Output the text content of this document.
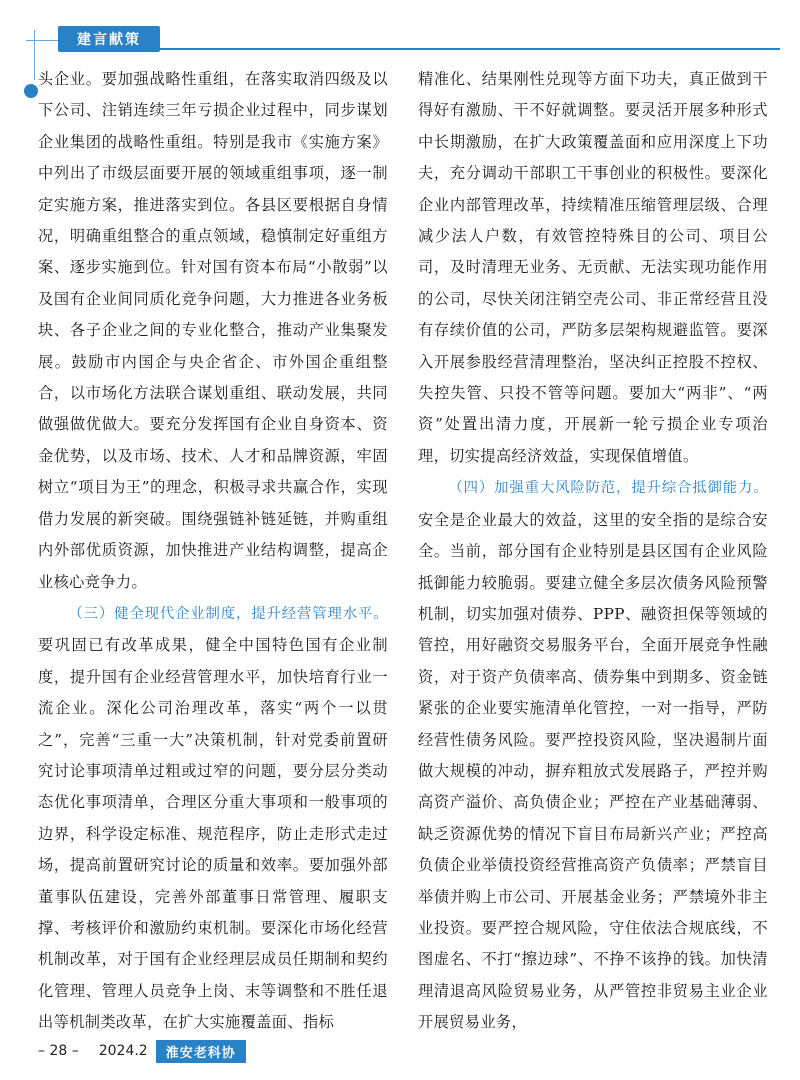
建言献策

头企业。要加强战略性重组，在落实取消四级及以下公司、注销连续三年亏损企业过程中，同步谋划企业集团的战略性重组。特别是我市《实施方案》中列出了市级层面要开展的领域重组事项，逐一制定实施方案，推进落实到位。各县区要根据自身情况，明确重组整合的重点领域，稳慎制定好重组方案、逐步实施到位。针对国有资本布局“小散弱”以及国有企业间同质化竞争问题，大力推进各业务板块、各子企业之间的专业化整合，推动产业集聚发展。鼓励市内国企与央企省企、市外国企重组整合，以市场化方法联合谋划重组、联动发展，共同做强做优做大。要充分发挥国有企业自身资本、资金优势，以及市场、技术、人才和品牌资源，牢固树立“项目为王”的理念，积极寻求共赢合作，实现借力发展的新突破。围绕强链补链延链，并购重组内外部优质资源，加快推进产业结构调整，提高企业核心竞争力。

（三）健全现代企业制度，提升经营管理水平。要巩固已有改革成果，健全中国特色国有企业制度，提升国有企业经营管理水平，加快培育行业一流企业。深化公司治理改革，落实“两个一以贯之”，完善“三重一大”决策机制，针对党委前置研究讨论事项清单过粗或过窄的问题，要分层分类动态优化事项清单，合理区分重大事项和一般事项的边界，科学设定标准、规范程序，防止走形式走过场，提高前置研究讨论的质量和效率。要加强外部董事队伍建设，完善外部董事日常管理、履职支撑、考核评价和激励约束机制。要深化市场化经营机制改革，对于国有企业经理层成员任期制和契约化管理、管理人员竞争上岗、末等调整和不胜任退出等机制类改革，在扩大实施覆盖面、指标

精准化、结果刚性兑现等方面下功夫，真正做到干得好有激励、干不好就调整。要灵活开展多种形式中长期激励，在扩大政策覆盖面和应用深度上下功夫，充分调动干部职工干事创业的积极性。要深化企业内部管理改革，持续精准压缩管理层级、合理减少法人户数，有效管控特殊目的公司、项目公司，及时清理无业务、无贡献、无法实现功能作用的公司，尽快关闭注销空壳公司、非正常经营且没有存续价值的公司，严防多层架构规避监管。要深入开展参股经营清理整治，坚决纠正控股不控权、失控失管、只投不管等问题。要加大“两非”、“两资”处置出清力度，开展新一轮亏损企业专项治理，切实提高经济效益，实现保值增值。

（四）加强重大风险防范，提升综合抵御能力。安全是企业最大的效益，这里的安全指的是综合安全。当前，部分国有企业特别是县区国有企业风险抵御能力较脆弱。要建立健全多层次债务风险预警机制，切实加强对债券、PPP、融资担保等领域的管控，用好融资交易服务平台，全面开展竞争性融资，对于资产负债率高、债券集中到期多、资金链紧张的企业要实施清单化管控，一对一指导，严防经营性债务风险。要严控投资风险，坚决遏制片面做大规模的冲动，摒弃粗放式发展路子，严控并购高资产溢价、高负债企业；严控在产业基础薄弱、缺乏资源优势的情况下盲目布局新兴产业；严控高负债企业举债投资经营推高资产负债率；严禁盲目举债并购上市公司、开展基金业务；严禁境外非主业投资。要严控合规风险，守住依法合规底线，不图虚名、不打“擦边球”、不挣不该挣的钱。加快清理清退高风险贸易业务，从严管控非贸易主业企业开展贸易业务，

– 28 – 2024.2	淮安老科协
